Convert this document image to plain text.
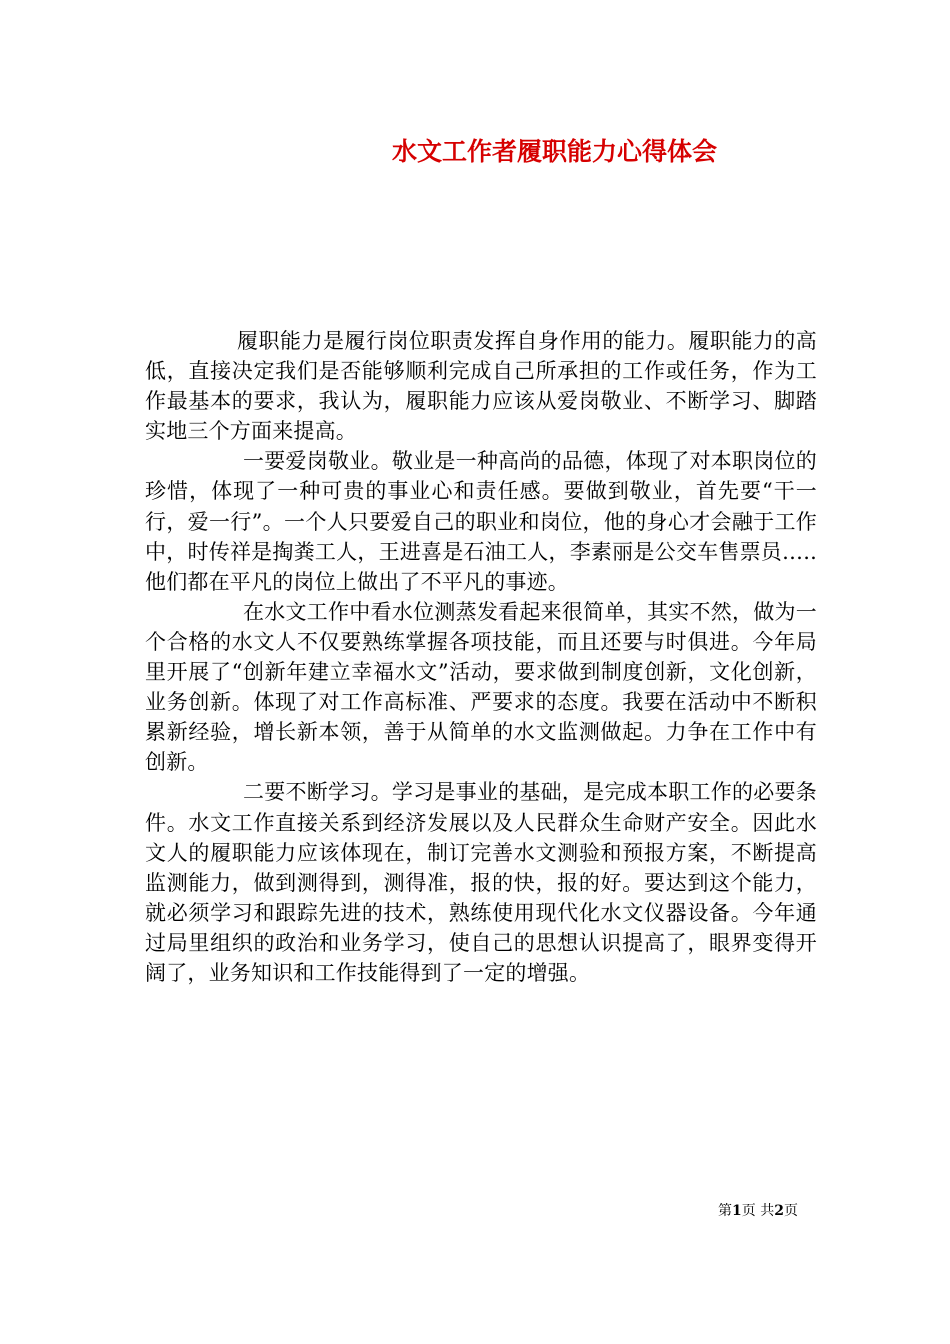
水文工作者履职能力心得体会

履职能力是履行岗位职责发挥自身作用的能力。履职能力的高低，直接决定我们是否能够顺利完成自己所承担的工作或任务，作为工作最基本的要求，我认为，履职能力应该从爱岗敬业、不断学习、脚踏实地三个方面来提高。

一要爱岗敬业。敬业是一种高尚的品德，体现了对本职岗位的珍惜，体现了一种可贵的事业心和责任感。要做到敬业，首先要“干一行，爱一行”。一个人只要爱自己的职业和岗位，他的身心才会融于工作中，时传祥是掏粪工人，王进喜是石油工人，李素丽是公交车售票员…..他们都在平凡的岗位上做出了不平凡的事迹。

在水文工作中看水位测蒸发看起来很简单，其实不然，做为一个合格的水文人不仅要熟练掌握各项技能，而且还要与时俱进。今年局里开展了“创新年建立幸福水文”活动，要求做到制度创新，文化创新，业务创新。体现了对工作高标准、严要求的态度。我要在活动中不断积累新经验，增长新本领，善于从简单的水文监测做起。力争在工作中有创新。

二要不断学习。学习是事业的基础，是完成本职工作的必要条件。水文工作直接关系到经济发展以及人民群众生命财产安全。因此水文人的履职能力应该体现在，制订完善水文测验和预报方案，不断提高监测能力，做到测得到，测得准，报的快，报的好。要达到这个能力，就必须学习和跟踪先进的技术，熟练使用现代化水文仪器设备。今年通过局里组织的政治和业务学习，使自己的思想认识提高了，眼界变得开阔了，业务知识和工作技能得到了一定的增强。

第1页 共2页
